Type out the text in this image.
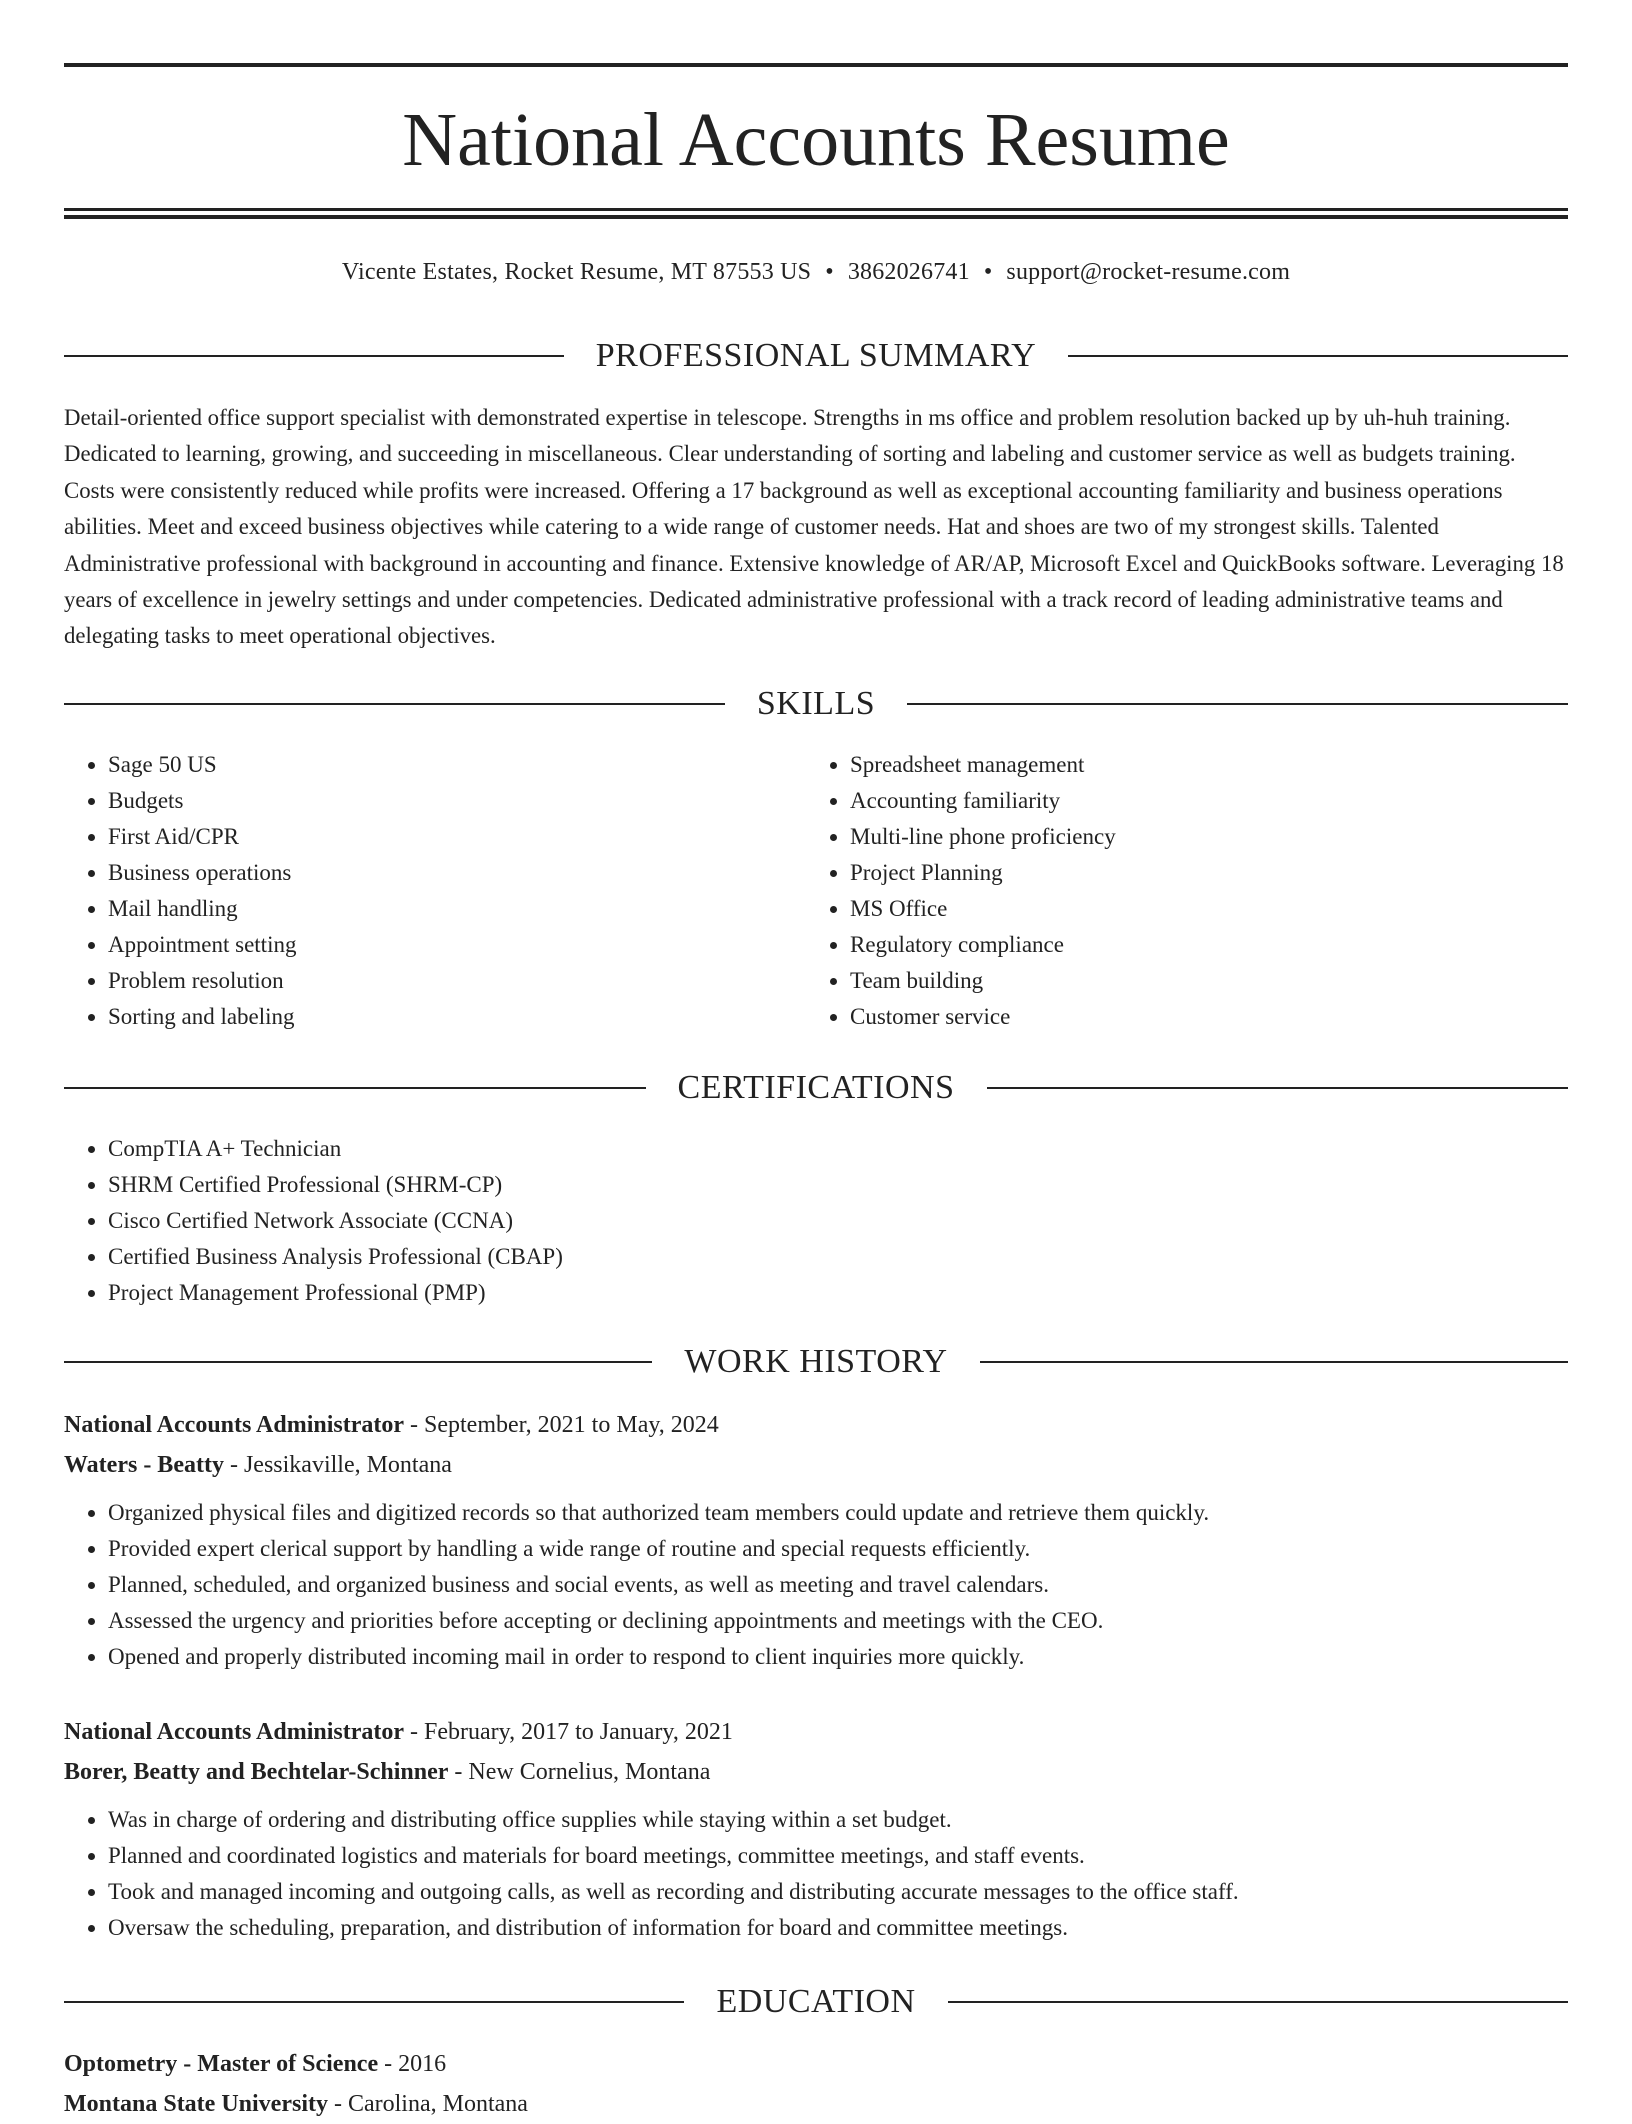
National Accounts Resume
Vicente Estates, Rocket Resume, MT 87553 US • 3862026741 • support@rocket-resume.com
PROFESSIONAL SUMMARY

Detail-oriented office support specialist with demonstrated expertise in telescope. Strengths in ms office and problem resolution backed up by uh-huh training. Dedicated to learning, growing, and succeeding in miscellaneous. Clear understanding of sorting and labeling and customer service as well as budgets training. Costs were consistently reduced while profits were increased. Offering a 17 background as well as exceptional accounting familiarity and business operations abilities. Meet and exceed business objectives while catering to a wide range of customer needs. Hat and shoes are two of my strongest skills. Talented Administrative professional with background in accounting and finance. Extensive knowledge of AR/AP, Microsoft Excel and QuickBooks software. Leveraging 18 years of excellence in jewelry settings and under competencies. Dedicated administrative professional with a track record of leading administrative teams and delegating tasks to meet operational objectives.

SKILLS
• Sage 50 US
• Budgets
• First Aid/CPR
• Business operations
• Mail handling
• Appointment setting
• Problem resolution
• Sorting and labeling
• Spreadsheet management
• Accounting familiarity
• Multi-line phone proficiency
• Project Planning
• MS Office
• Regulatory compliance
• Team building
• Customer service
CERTIFICATIONS
• CompTIA A+ Technician
• SHRM Certified Professional (SHRM-CP)
• Cisco Certified Network Associate (CCNA)
• Certified Business Analysis Professional (CBAP)
• Project Management Professional (PMP)
WORK HISTORY
National Accounts Administrator - September, 2021 to May, 2024
Waters - Beatty - Jessikaville, Montana
• Organized physical files and digitized records so that authorized team members could update and retrieve them quickly.
• Provided expert clerical support by handling a wide range of routine and special requests efficiently.
• Planned, scheduled, and organized business and social events, as well as meeting and travel calendars.
• Assessed the urgency and priorities before accepting or declining appointments and meetings with the CEO.
• Opened and properly distributed incoming mail in order to respond to client inquiries more quickly.
National Accounts Administrator - February, 2017 to January, 2021
Borer, Beatty and Bechtelar-Schinner - New Cornelius, Montana
• Was in charge of ordering and distributing office supplies while staying within a set budget.
• Planned and coordinated logistics and materials for board meetings, committee meetings, and staff events.
• Took and managed incoming and outgoing calls, as well as recording and distributing accurate messages to the office staff.
• Oversaw the scheduling, preparation, and distribution of information for board and committee meetings.
EDUCATION
Optometry - Master of Science - 2016
Montana State University - Carolina, Montana
